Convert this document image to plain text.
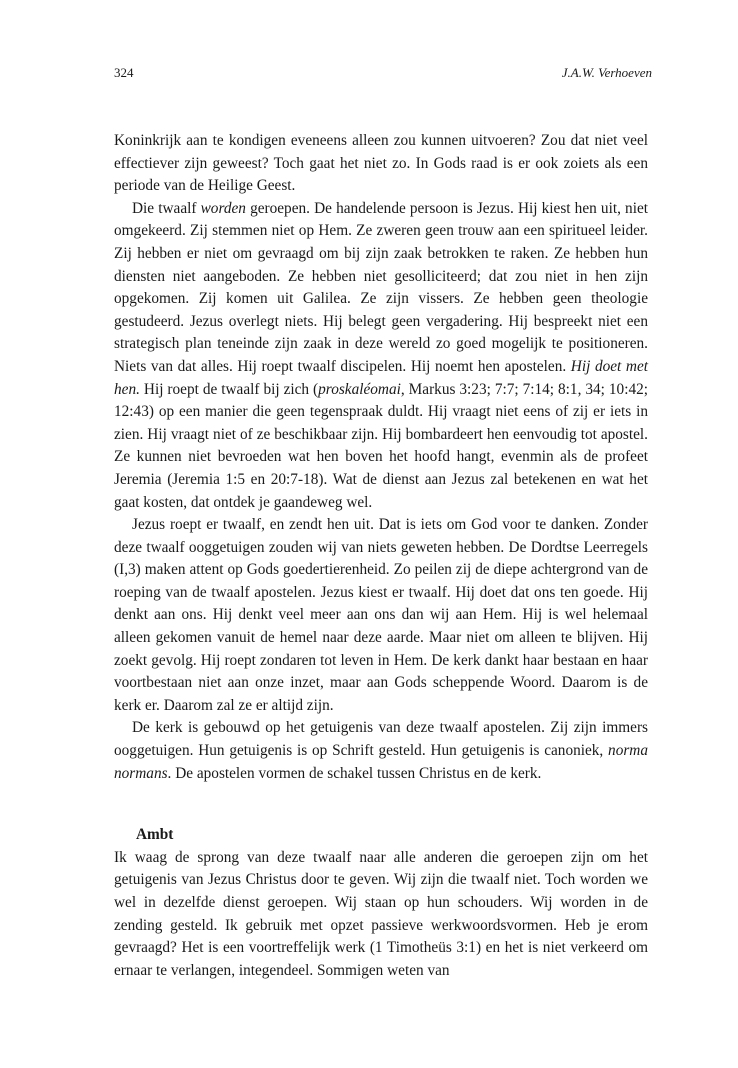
324	J.A.W. Verhoeven

Koninkrijk aan te kondigen eveneens alleen zou kunnen uitvoeren? Zou dat niet veel effectiever zijn geweest? Toch gaat het niet zo. In Gods raad is er ook zoiets als een periode van de Heilige Geest.

Die twaalf worden geroepen. De handelende persoon is Jezus. Hij kiest hen uit, niet omgekeerd. Zij stemmen niet op Hem. Ze zweren geen trouw aan een spiritueel leider. Zij hebben er niet om gevraagd om bij zijn zaak betrokken te raken. Ze hebben hun diensten niet aangeboden. Ze hebben niet gesolliciteerd; dat zou niet in hen zijn opgekomen. Zij komen uit Galilea. Ze zijn vissers. Ze hebben geen theologie gestudeerd. Jezus overlegt niets. Hij belegt geen vergadering. Hij bespreekt niet een strategisch plan teneinde zijn zaak in deze wereld zo goed mogelijk te positioneren. Niets van dat alles. Hij roept twaalf discipelen. Hij noemt hen apostelen. Hij doet met hen. Hij roept de twaalf bij zich (proskaléomai, Markus 3:23; 7:7; 7:14; 8:1, 34; 10:42; 12:43) op een manier die geen tegenspraak duldt. Hij vraagt niet eens of zij er iets in zien. Hij vraagt niet of ze beschikbaar zijn. Hij bombardeert hen eenvoudig tot apostel. Ze kunnen niet bevroeden wat hen boven het hoofd hangt, evenmin als de profeet Jeremia (Jeremia 1:5 en 20:7-18). Wat de dienst aan Jezus zal betekenen en wat het gaat kosten, dat ontdek je gaandeweg wel.

Jezus roept er twaalf, en zendt hen uit. Dat is iets om God voor te danken. Zonder deze twaalf ooggetuigen zouden wij van niets geweten hebben. De Dordtse Leerregels (I,3) maken attent op Gods goedertierenheid. Zo peilen zij de diepe achtergrond van de roeping van de twaalf apostelen. Jezus kiest er twaalf. Hij doet dat ons ten goede. Hij denkt aan ons. Hij denkt veel meer aan ons dan wij aan Hem. Hij is wel helemaal alleen gekomen vanuit de hemel naar deze aarde. Maar niet om alleen te blijven. Hij zoekt gevolg. Hij roept zondaren tot leven in Hem. De kerk dankt haar bestaan en haar voortbestaan niet aan onze inzet, maar aan Gods scheppende Woord. Daarom is de kerk er. Daarom zal ze er altijd zijn.

De kerk is gebouwd op het getuigenis van deze twaalf apostelen. Zij zijn immers ooggetuigen. Hun getuigenis is op Schrift gesteld. Hun getuigenis is canoniek, norma normans. De apostelen vormen de schakel tussen Christus en de kerk.

Ambt

Ik waag de sprong van deze twaalf naar alle anderen die geroepen zijn om het getuigenis van Jezus Christus door te geven. Wij zijn die twaalf niet. Toch worden we wel in dezelfde dienst geroepen. Wij staan op hun schouders. Wij worden in de zending gesteld. Ik gebruik met opzet passieve werkwoordsvormen. Heb je erom gevraagd? Het is een voortreffelijk werk (1 Timotheüs 3:1) en het is niet verkeerd om ernaar te verlangen, integendeel. Sommigen weten van
